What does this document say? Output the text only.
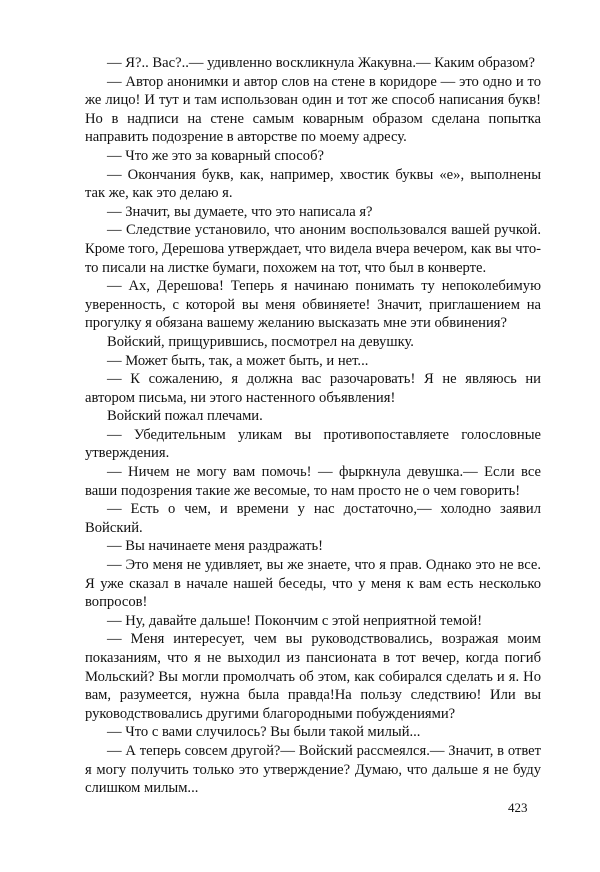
— Я?.. Вас?..— удивленно воскликнула Жакувна.— Каким образом?

— Автор анонимки и автор слов на стене в коридоре — это одно и то же лицо! И тут и там использован один и тот же способ написания букв! Но в надписи на стене самым коварным образом сделана попытка направить подозрение в авторстве по моему адресу.

— Что же это за коварный способ?

— Окончания букв, как, например, хвостик буквы «е», выполнены так же, как это делаю я.

— Значит, вы думаете, что это написала я?

— Следствие установило, что аноним воспользовался вашей ручкой. Кроме того, Дерешова утверждает, что видела вчера вечером, как вы что-то писали на листке бумаги, похожем на тот, что был в конверте.

— Ах, Дерешова! Теперь я начинаю понимать ту непоколебимую уверенность, с которой вы меня обвиняете! Значит, приглашением на прогулку я обязана вашему желанию высказать мне эти обвинения?

Войский, прищурившись, посмотрел на девушку.

— Может быть, так, а может быть, и нет...

— К сожалению, я должна вас разочаровать! Я не являюсь ни автором письма, ни этого настенного объявления!

Войский пожал плечами.

— Убедительным уликам вы противопоставляете голословные утверждения.

— Ничем не могу вам помочь! — фыркнула девушка.— Если все ваши подозрения такие же весомые, то нам просто не о чем говорить!

— Есть о чем, и времени у нас достаточно,— холодно заявил Войский.

— Вы начинаете меня раздражать!

— Это меня не удивляет, вы же знаете, что я прав. Однако это не все. Я уже сказал в начале нашей беседы, что у меня к вам есть несколько вопросов!

— Ну, давайте дальше! Покончим с этой неприятной темой!

— Меня интересует, чем вы руководствовались, возражая моим показаниям, что я не выходил из пансионата в тот вечер, когда погиб Мольский? Вы могли промолчать об этом, как собирался сделать и я. Но вам, разумеется, нужна была правда!На пользу следствию! Или вы руководствовались другими благородными побуждениями?

— Что с вами случилось? Вы были такой милый...

— А теперь совсем другой?— Войский рассмеялся.— Значит, в ответ я могу получить только это утверждение? Думаю, что дальше я не буду слишком милым...

423
